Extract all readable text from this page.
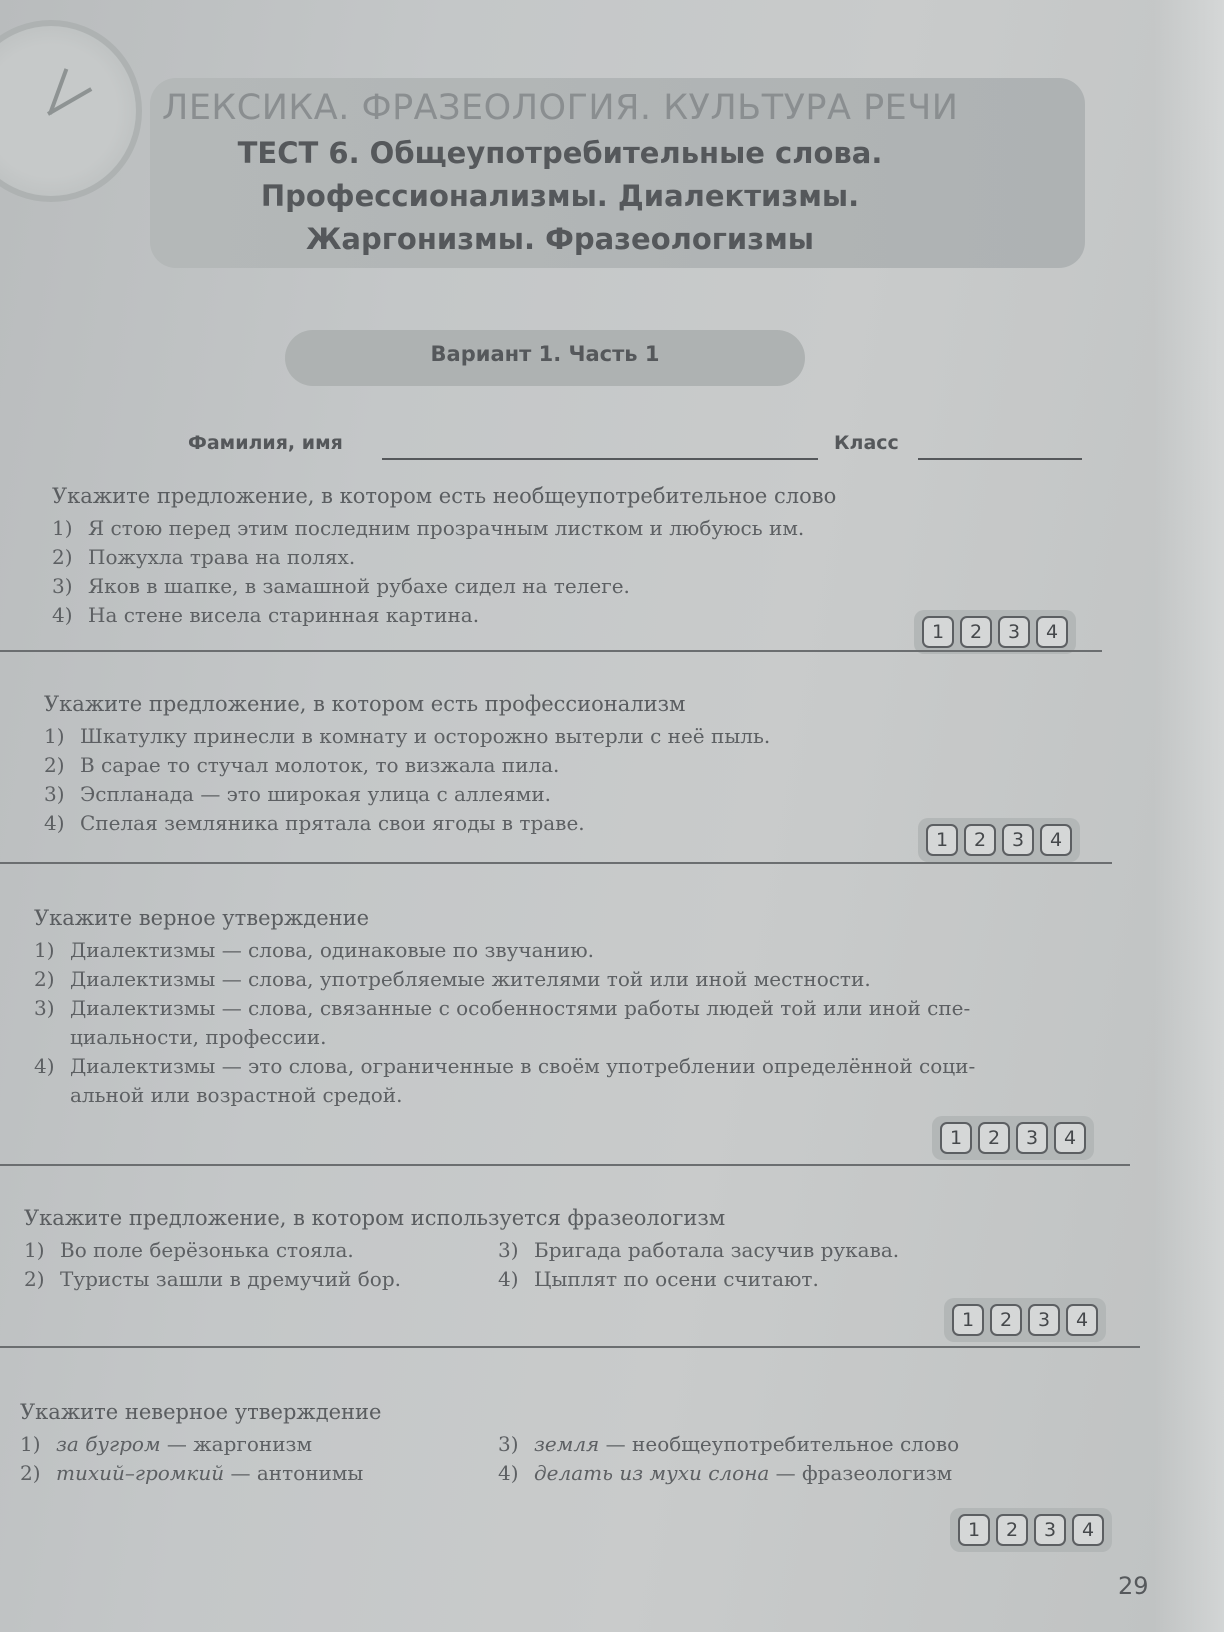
ЛЕКСИКА. ФРАЗЕОЛОГИЯ. КУЛЬТУРА РЕЧИ
ТЕСТ 6. Общеупотребительные слова.
Профессионализмы. Диалектизмы.
Жаргонизмы. Фразеологизмы
Вариант 1. Часть 1
Фамилия, имя	Класс
Укажите предложение, в котором есть необщеупотребительное слово
1) Я стою перед этим последним прозрачным листком и любуюсь им.
2) Пожухла трава на полях.
3) Яков в шапке, в замашной рубахе сидел на телеге.
4) На стене висела старинная картина.
1	2	3	4
Укажите предложение, в котором есть профессионализм
1) Шкатулку принесли в комнату и осторожно вытерли с неё пыль.
2) В сарае то стучал молоток, то визжала пила.
3) Эспланада — это широкая улица с аллеями.
4) Спелая земляника прятала свои ягоды в траве.
1	2	3	4
Укажите верное утверждение
1) Диалектизмы — слова, одинаковые по звучанию.
2) Диалектизмы — слова, употребляемые жителями той или иной местности.
3) Диалектизмы — слова, связанные с особенностями работы людей той или иной спе-
циальности, профессии.
4) Диалектизмы — это слова, ограниченные в своём употреблении определённой соци-
альной или возрастной средой.
1	2	3	4
Укажите предложение, в котором используется фразеологизм
1) Во поле берёзонька стояла.
2) Туристы зашли в дремучий бор.
3) Бригада работала засучив рукава.
4) Цыплят по осени считают.
1	2	3	4
Укажите неверное утверждение
1) за бугром — жаргонизм
2) тихий–громкий — антонимы
3) земля — необщеупотребительное слово
4) делать из мухи слона — фразеологизм
1	2	3	4
29
